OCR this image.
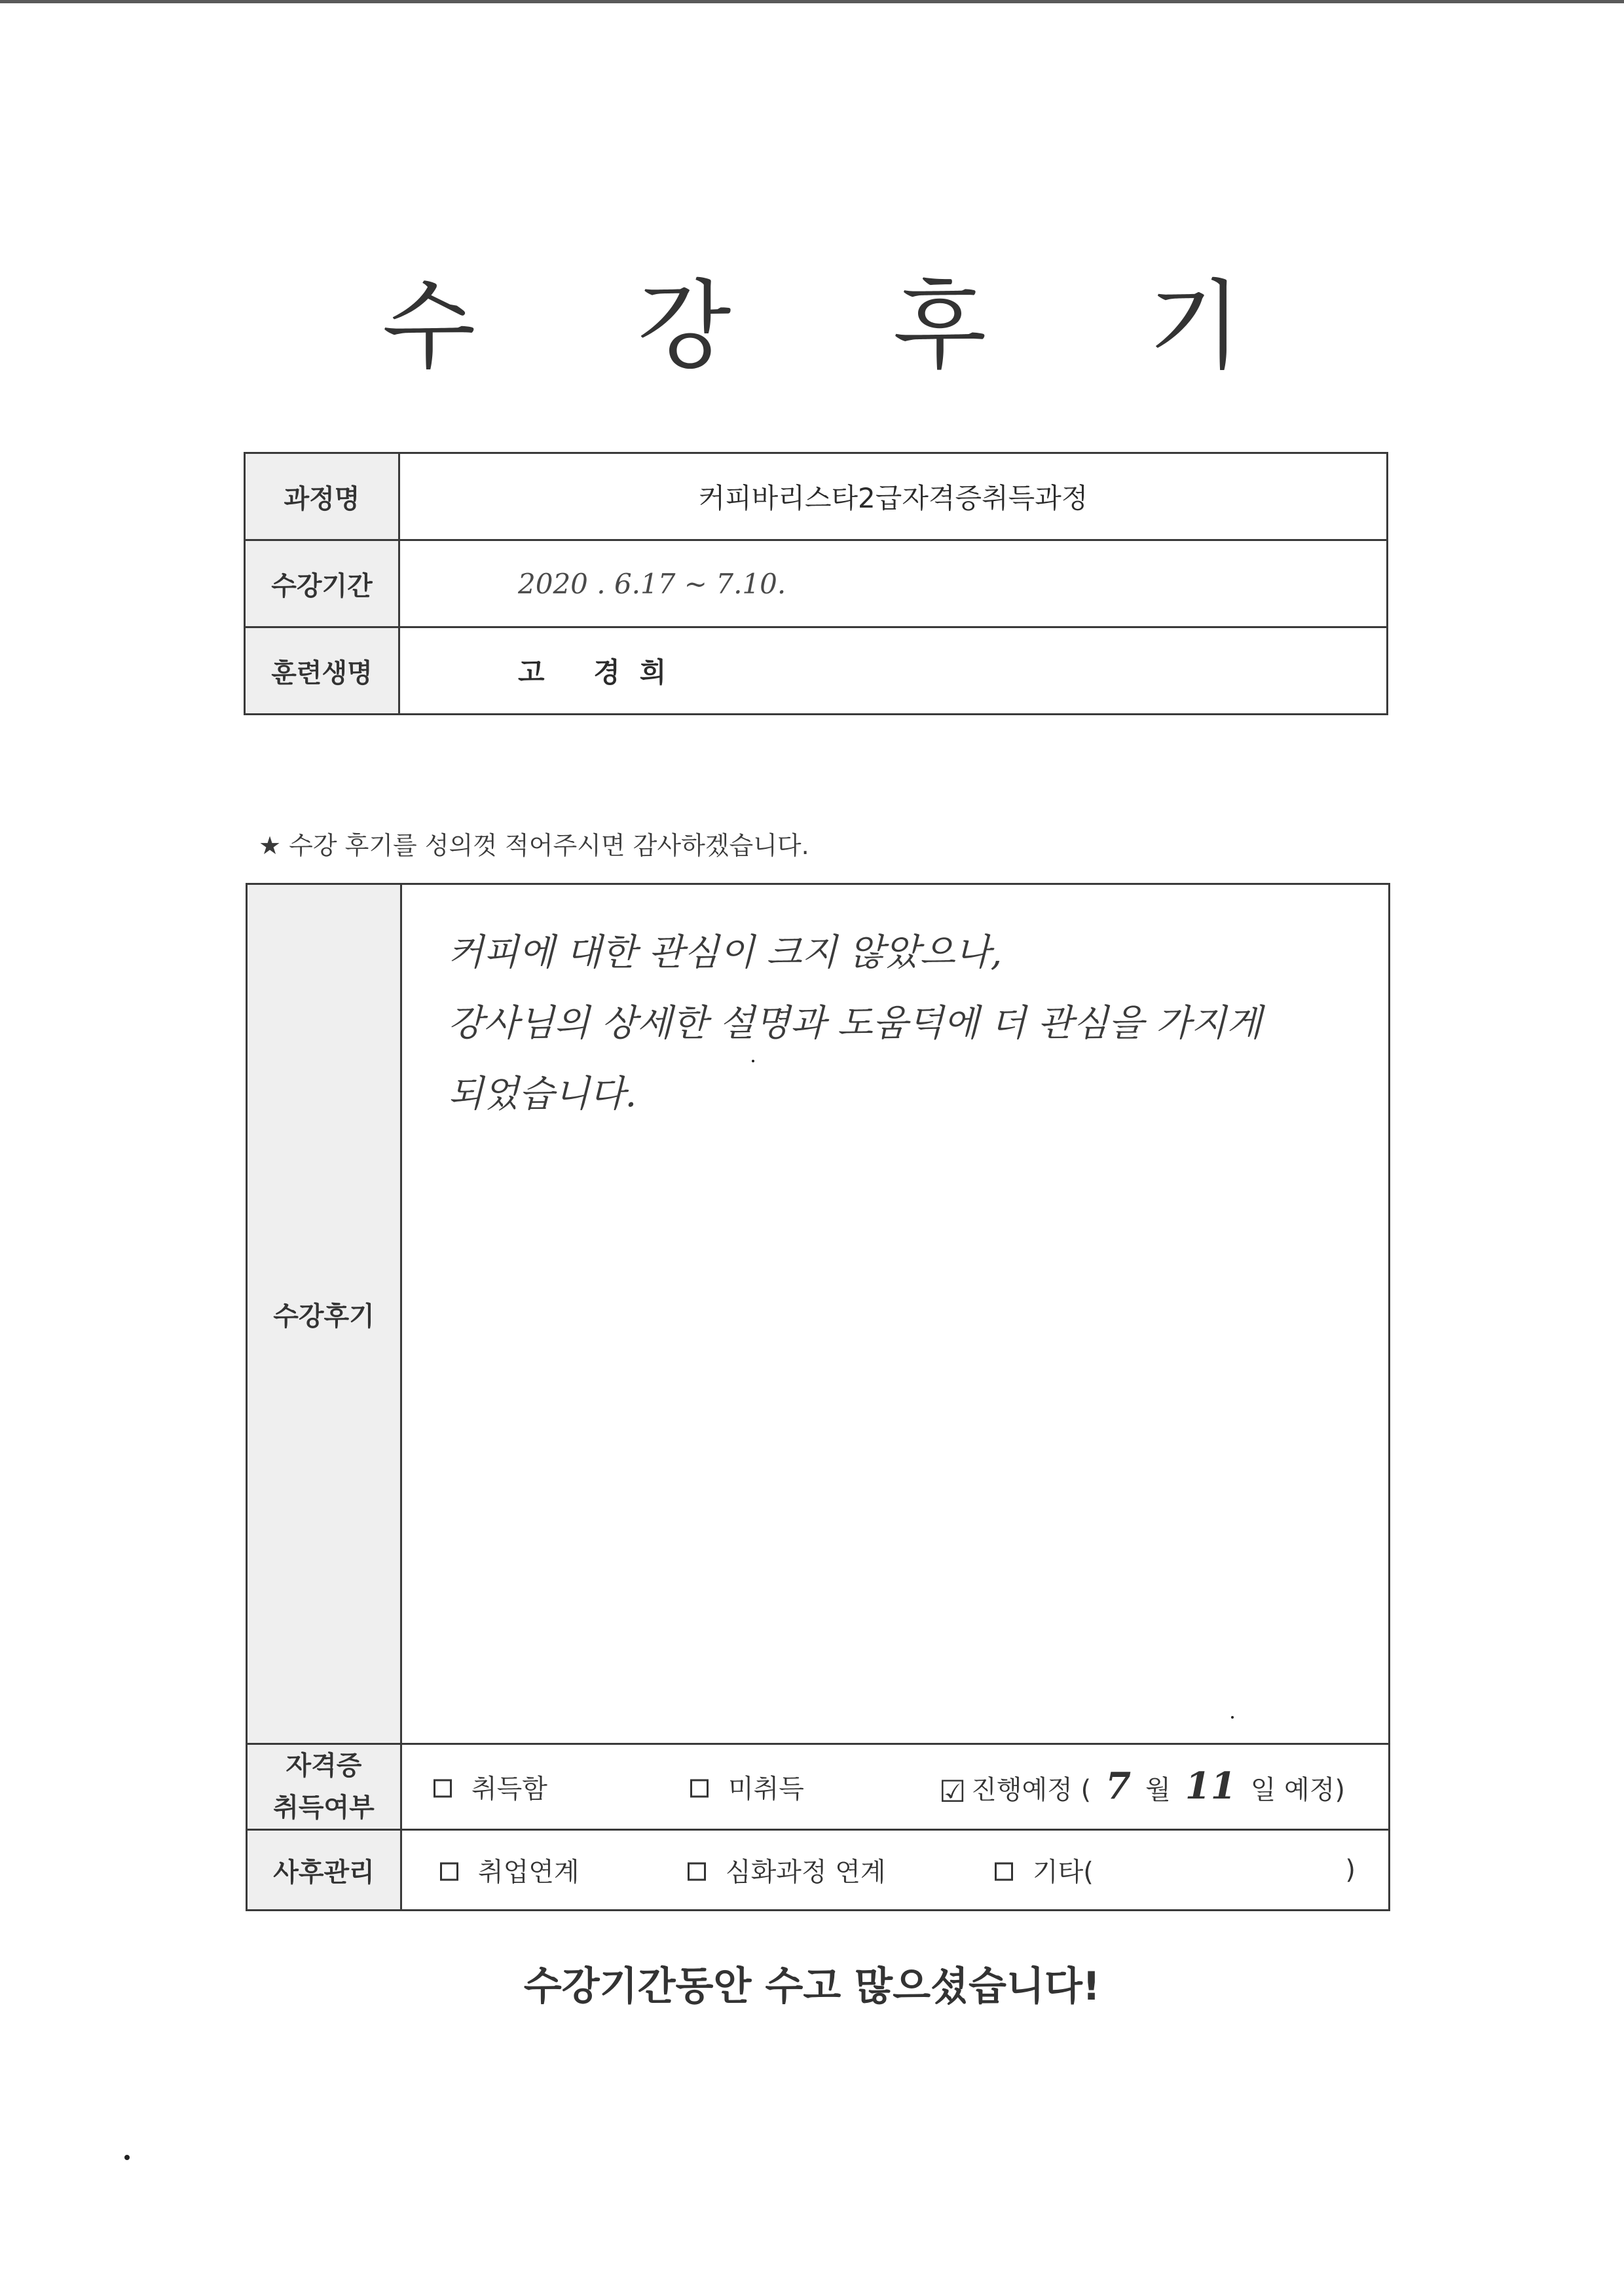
수 강 후 기
과정명	커피바리스타2급자격증취득과정
수강기간	2020 . 6.17 ~ 7.10.
훈련생명	고 경희
★ 수강 후기를 성의껏 적어주시면 감사하겠습니다.
수강후기	커피에 대한 관심이 크지 않았으나,
강사님의 상세한 설명과 도움덕에 더 관심을 가지게
되었습니다.

자격증
취득여부	취득함 미취득 ☑ 진행예정 ( 7 월 11 일 예정)

사후관리	취업연계 심화과정 연계 기타( )
수강기간동안 수고 많으셨습니다!
